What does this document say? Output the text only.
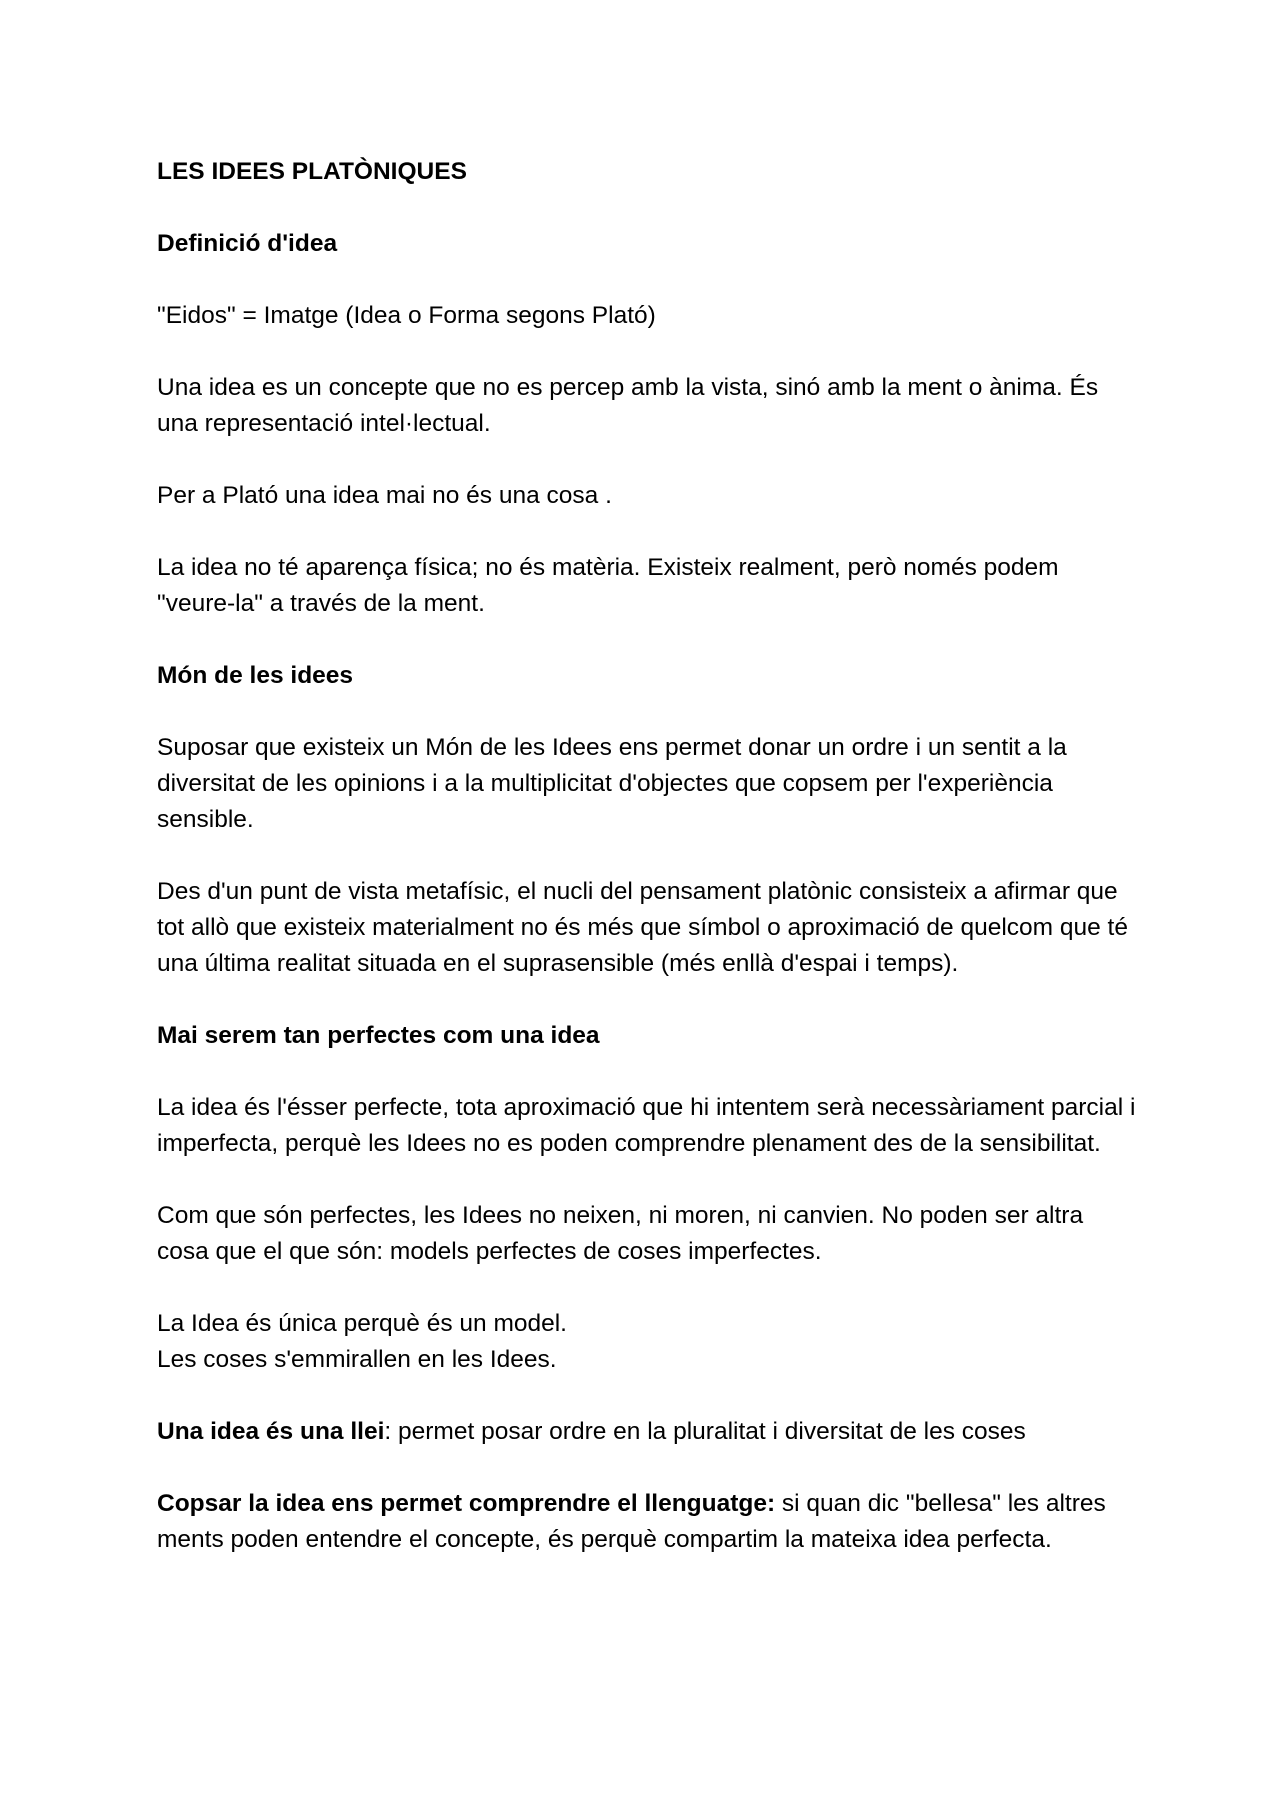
LES IDEES PLATÒNIQUES

Definició d'idea

"Eidos" = Imatge (Idea o Forma segons Plató)

Una idea es un concepte que no es percep amb la vista, sinó amb la ment o ànima. És una representació intel·lectual.

Per a Plató una idea mai no és una cosa .

La idea no té aparença física; no és matèria. Existeix realment, però només podem "veure-la" a través de la ment.

Món de les idees

Suposar que existeix un Món de les Idees ens permet donar un ordre i un sentit a la diversitat de les opinions i a la multiplicitat d'objectes que copsem per l'experiència sensible.

Des d'un punt de vista metafísic, el nucli del pensament platònic consisteix a afirmar que tot allò que existeix materialment no és més que símbol o aproximació de quelcom que té una última realitat situada en el suprasensible (més enllà d'espai i temps).

Mai serem tan perfectes com una idea

La idea és l'ésser perfecte, tota aproximació que hi intentem serà necessàriament parcial i imperfecta, perquè les Idees no es poden comprendre plenament des de la sensibilitat.

Com que són perfectes, les Idees no neixen, ni moren, ni canvien. No poden ser altra cosa que el que són: models perfectes de coses imperfectes.

La Idea és única perquè és un model.
Les coses s'emmirallen en les Idees.

Una idea és una llei: permet posar ordre en la pluralitat i diversitat de les coses

Copsar la idea ens permet comprendre el llenguatge: si quan dic "bellesa" les altres ments poden entendre el concepte, és perquè compartim la mateixa idea perfecta.
